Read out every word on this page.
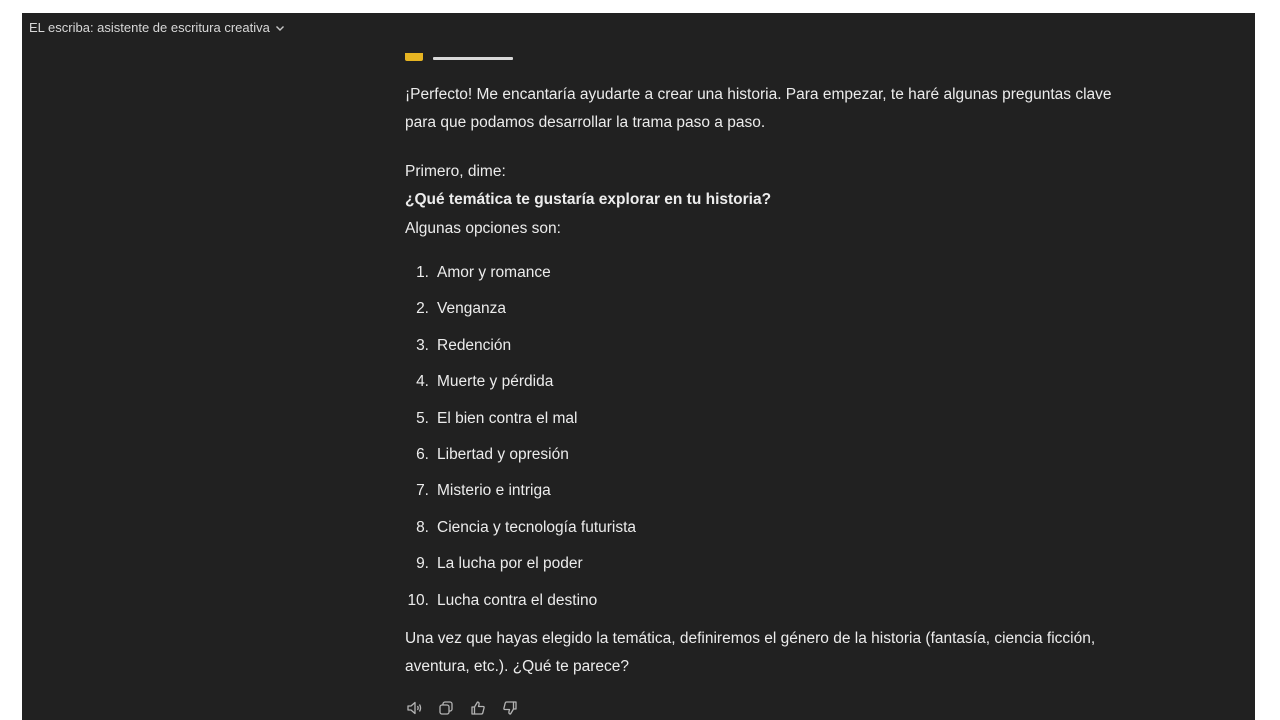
EL escriba: asistente de escritura creativa

¡Perfecto! Me encantaría ayudarte a crear una historia. Para empezar, te haré algunas preguntas clave para que podamos desarrollar la trama paso a paso.

Primero, dime:

¿Qué temática te gustaría explorar en tu historia?

Algunas opciones son:

1. Amor y romance
2. Venganza
3. Redención
4. Muerte y pérdida
5. El bien contra el mal
6. Libertad y opresión
7. Misterio e intriga
8. Ciencia y tecnología futurista
9. La lucha por el poder
10. Lucha contra el destino

Una vez que hayas elegido la temática, definiremos el género de la historia (fantasía, ciencia ficción, aventura, etc.). ¿Qué te parece?
